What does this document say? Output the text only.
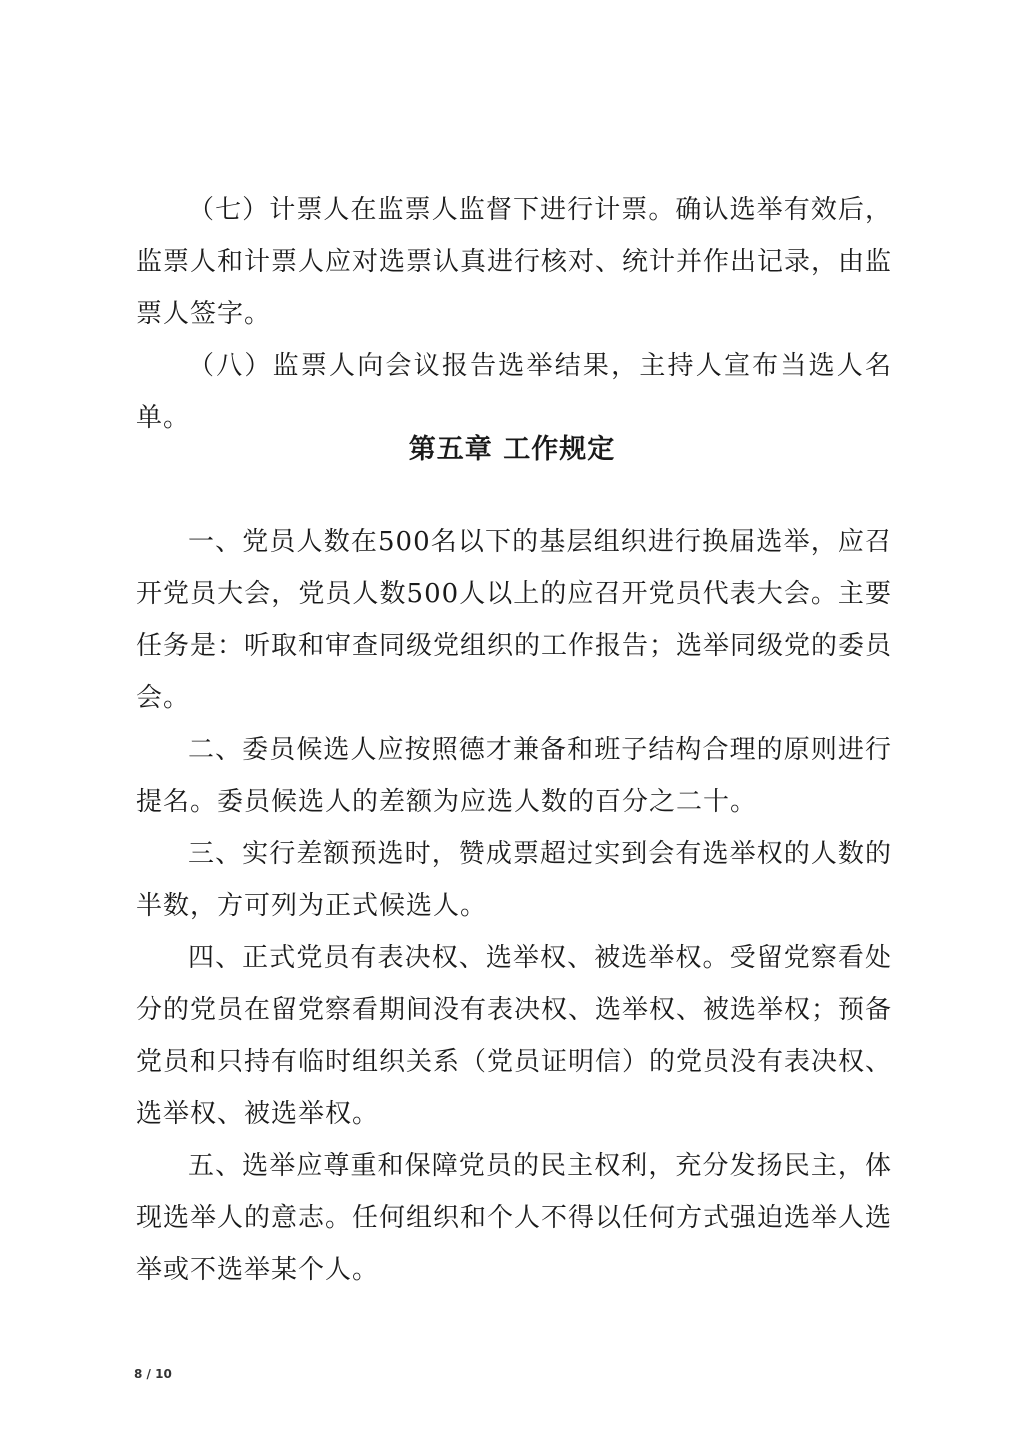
（七）计票人在监票人监督下进行计票。确认选举有效后，监票人和计票人应对选票认真进行核对、统计并作出记录，由监票人签字。

（八）监票人向会议报告选举结果，主持人宣布当选人名单。

第五章 工作规定

一、党员人数在500名以下的基层组织进行换届选举，应召开党员大会，党员人数500人以上的应召开党员代表大会。主要任务是：听取和审查同级党组织的工作报告；选举同级党的委员会。

二、委员候选人应按照德才兼备和班子结构合理的原则进行提名。委员候选人的差额为应选人数的百分之二十。

三、实行差额预选时，赞成票超过实到会有选举权的人数的半数，方可列为正式候选人。

四、正式党员有表决权、选举权、被选举权。受留党察看处分的党员在留党察看期间没有表决权、选举权、被选举权；预备党员和只持有临时组织关系（党员证明信）的党员没有表决权、选举权、被选举权。

五、选举应尊重和保障党员的民主权利，充分发扬民主，体现选举人的意志。任何组织和个人不得以任何方式强迫选举人选举或不选举某个人。

8 / 10
